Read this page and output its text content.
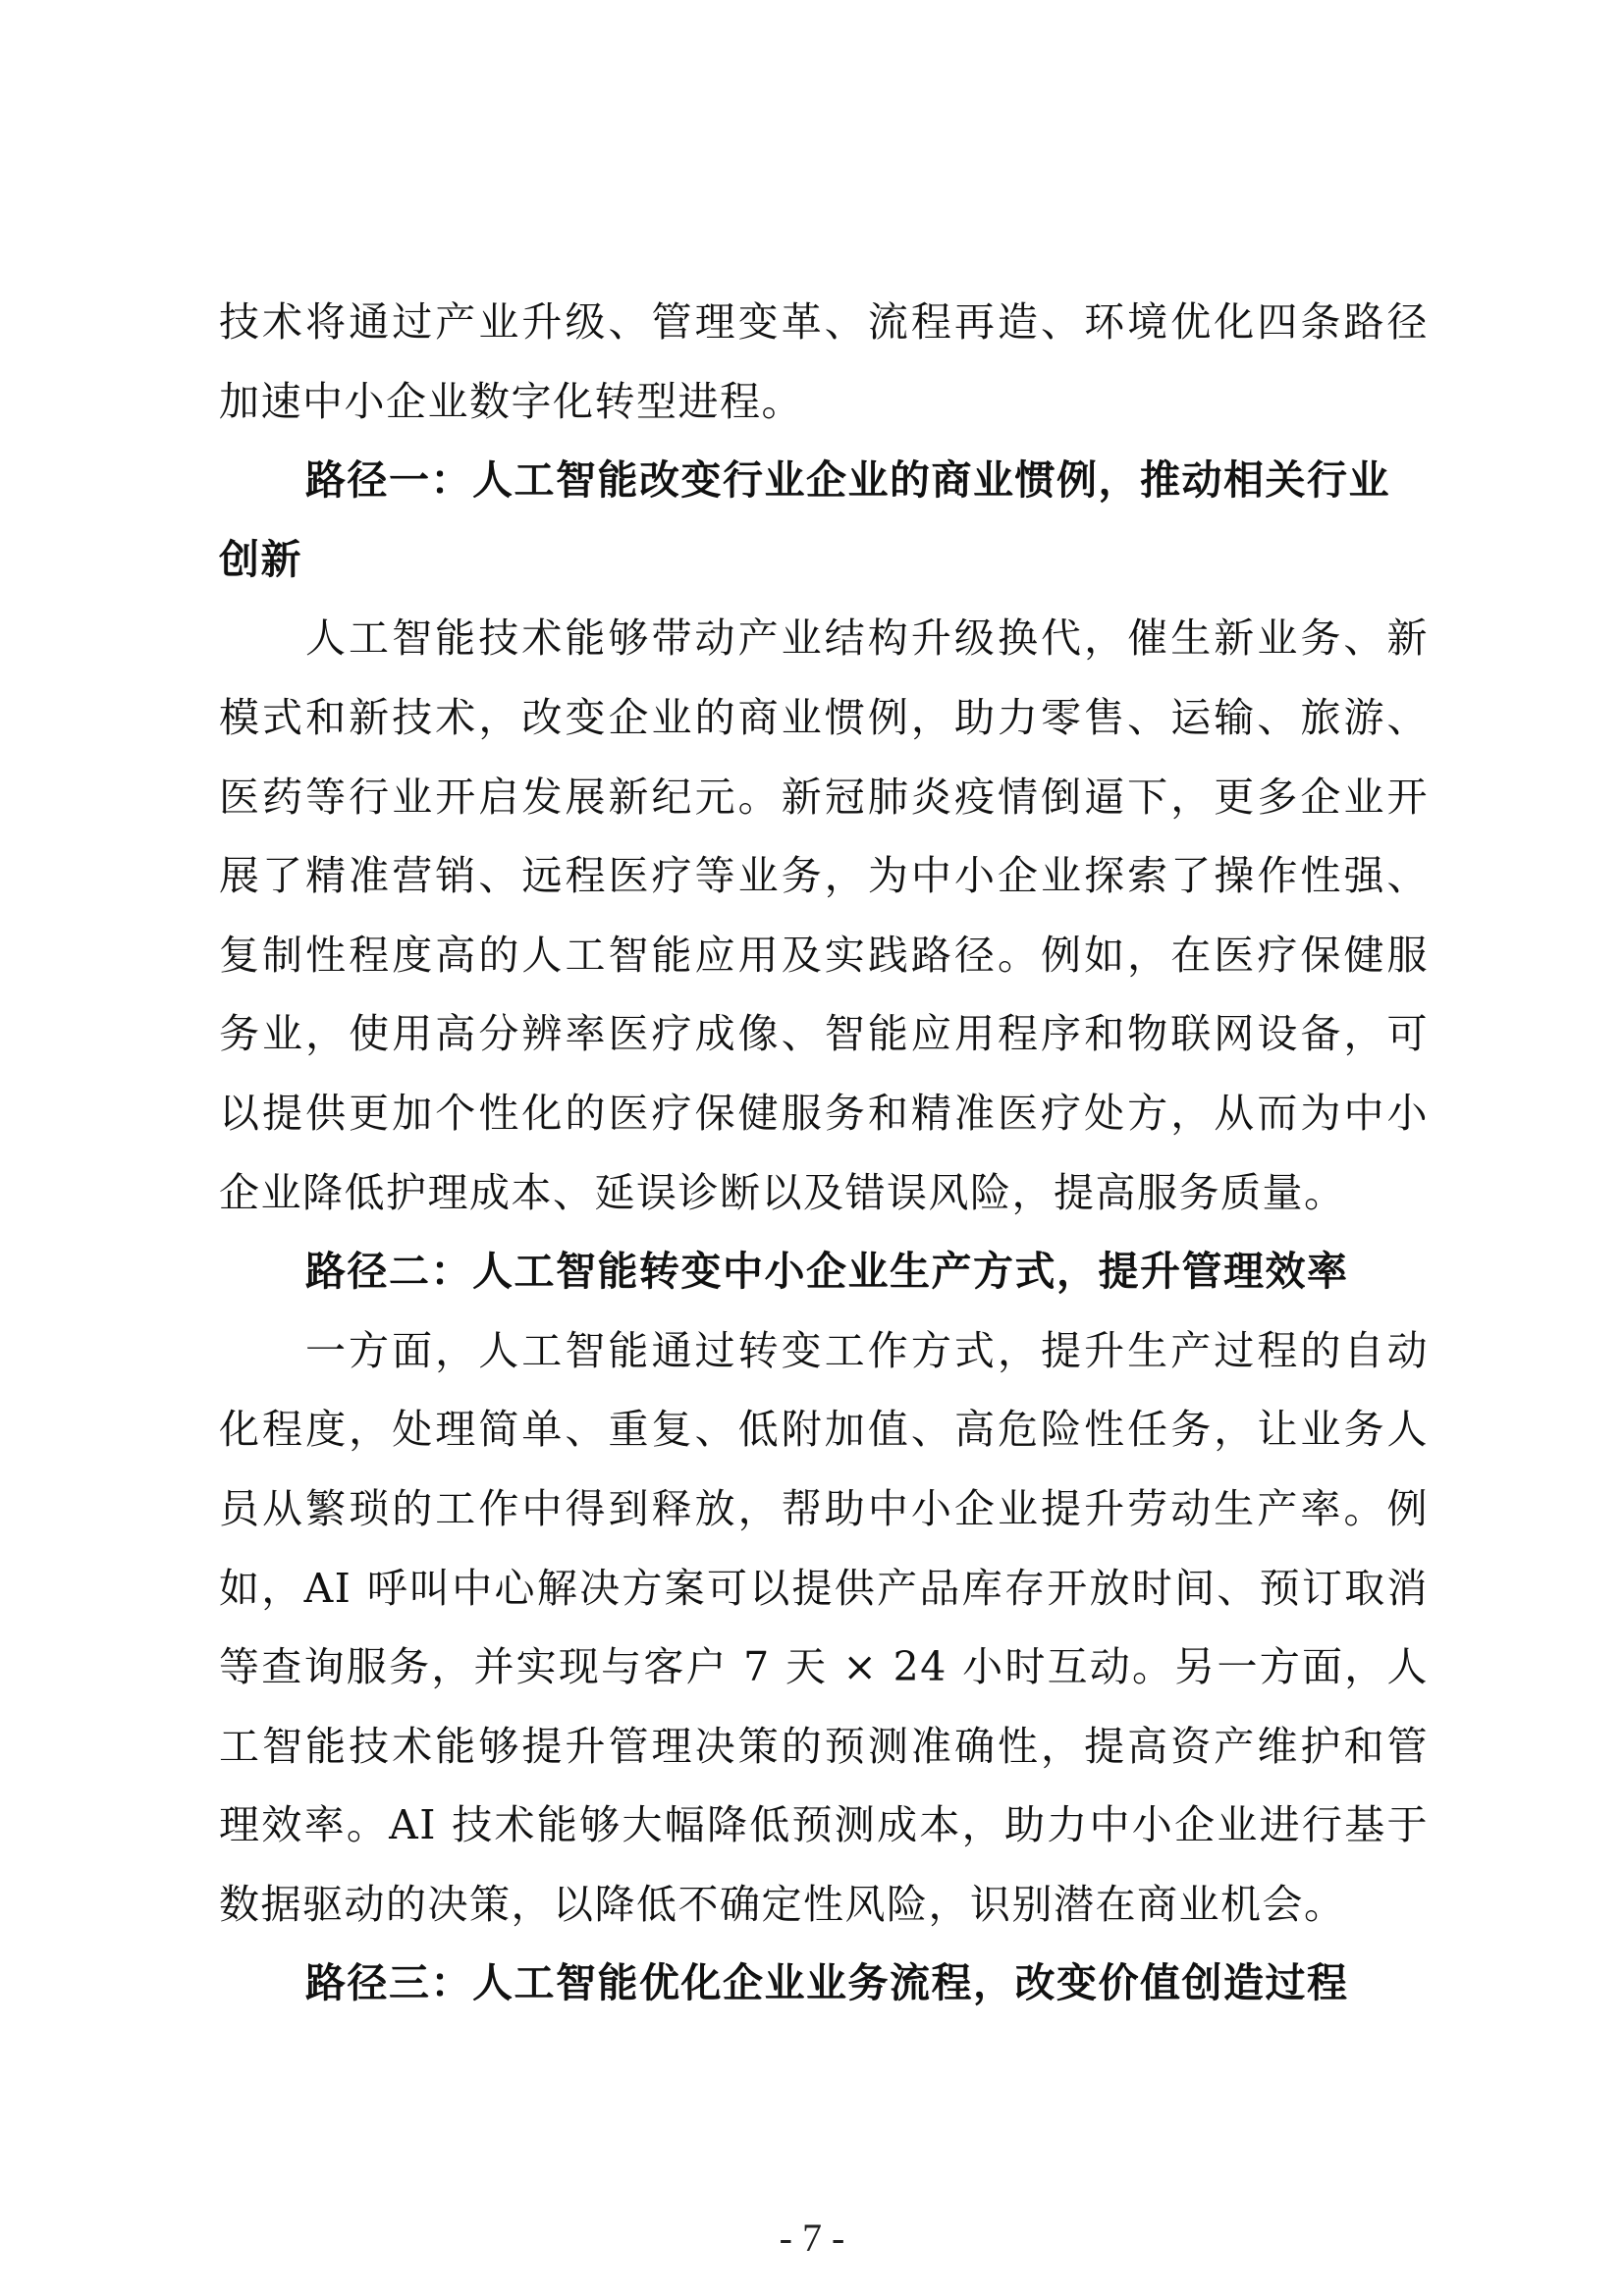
技术将通过产业升级、管理变革、流程再造、环境优化四条路径加速中小企业数字化转型进程。

路径一：人工智能改变行业企业的商业惯例，推动相关行业创新

人工智能技术能够带动产业结构升级换代，催生新业务、新模式和新技术，改变企业的商业惯例，助力零售、运输、旅游、医药等行业开启发展新纪元。新冠肺炎疫情倒逼下，更多企业开展了精准营销、远程医疗等业务，为中小企业探索了操作性强、复制性程度高的人工智能应用及实践路径。例如，在医疗保健服务业，使用高分辨率医疗成像、智能应用程序和物联网设备，可以提供更加个性化的医疗保健服务和精准医疗处方，从而为中小企业降低护理成本、延误诊断以及错误风险，提高服务质量。

路径二：人工智能转变中小企业生产方式，提升管理效率

一方面，人工智能通过转变工作方式，提升生产过程的自动化程度，处理简单、重复、低附加值、高危险性任务，让业务人员从繁琐的工作中得到释放，帮助中小企业提升劳动生产率。例如，AI 呼叫中心解决方案可以提供产品库存开放时间、预订取消等查询服务，并实现与客户 7 天 × 24 小时互动。另一方面，人工智能技术能够提升管理决策的预测准确性，提高资产维护和管理效率。AI 技术能够大幅降低预测成本，助力中小企业进行基于数据驱动的决策，以降低不确定性风险，识别潜在商业机会。

路径三：人工智能优化企业业务流程，改变价值创造过程

- 7 -
